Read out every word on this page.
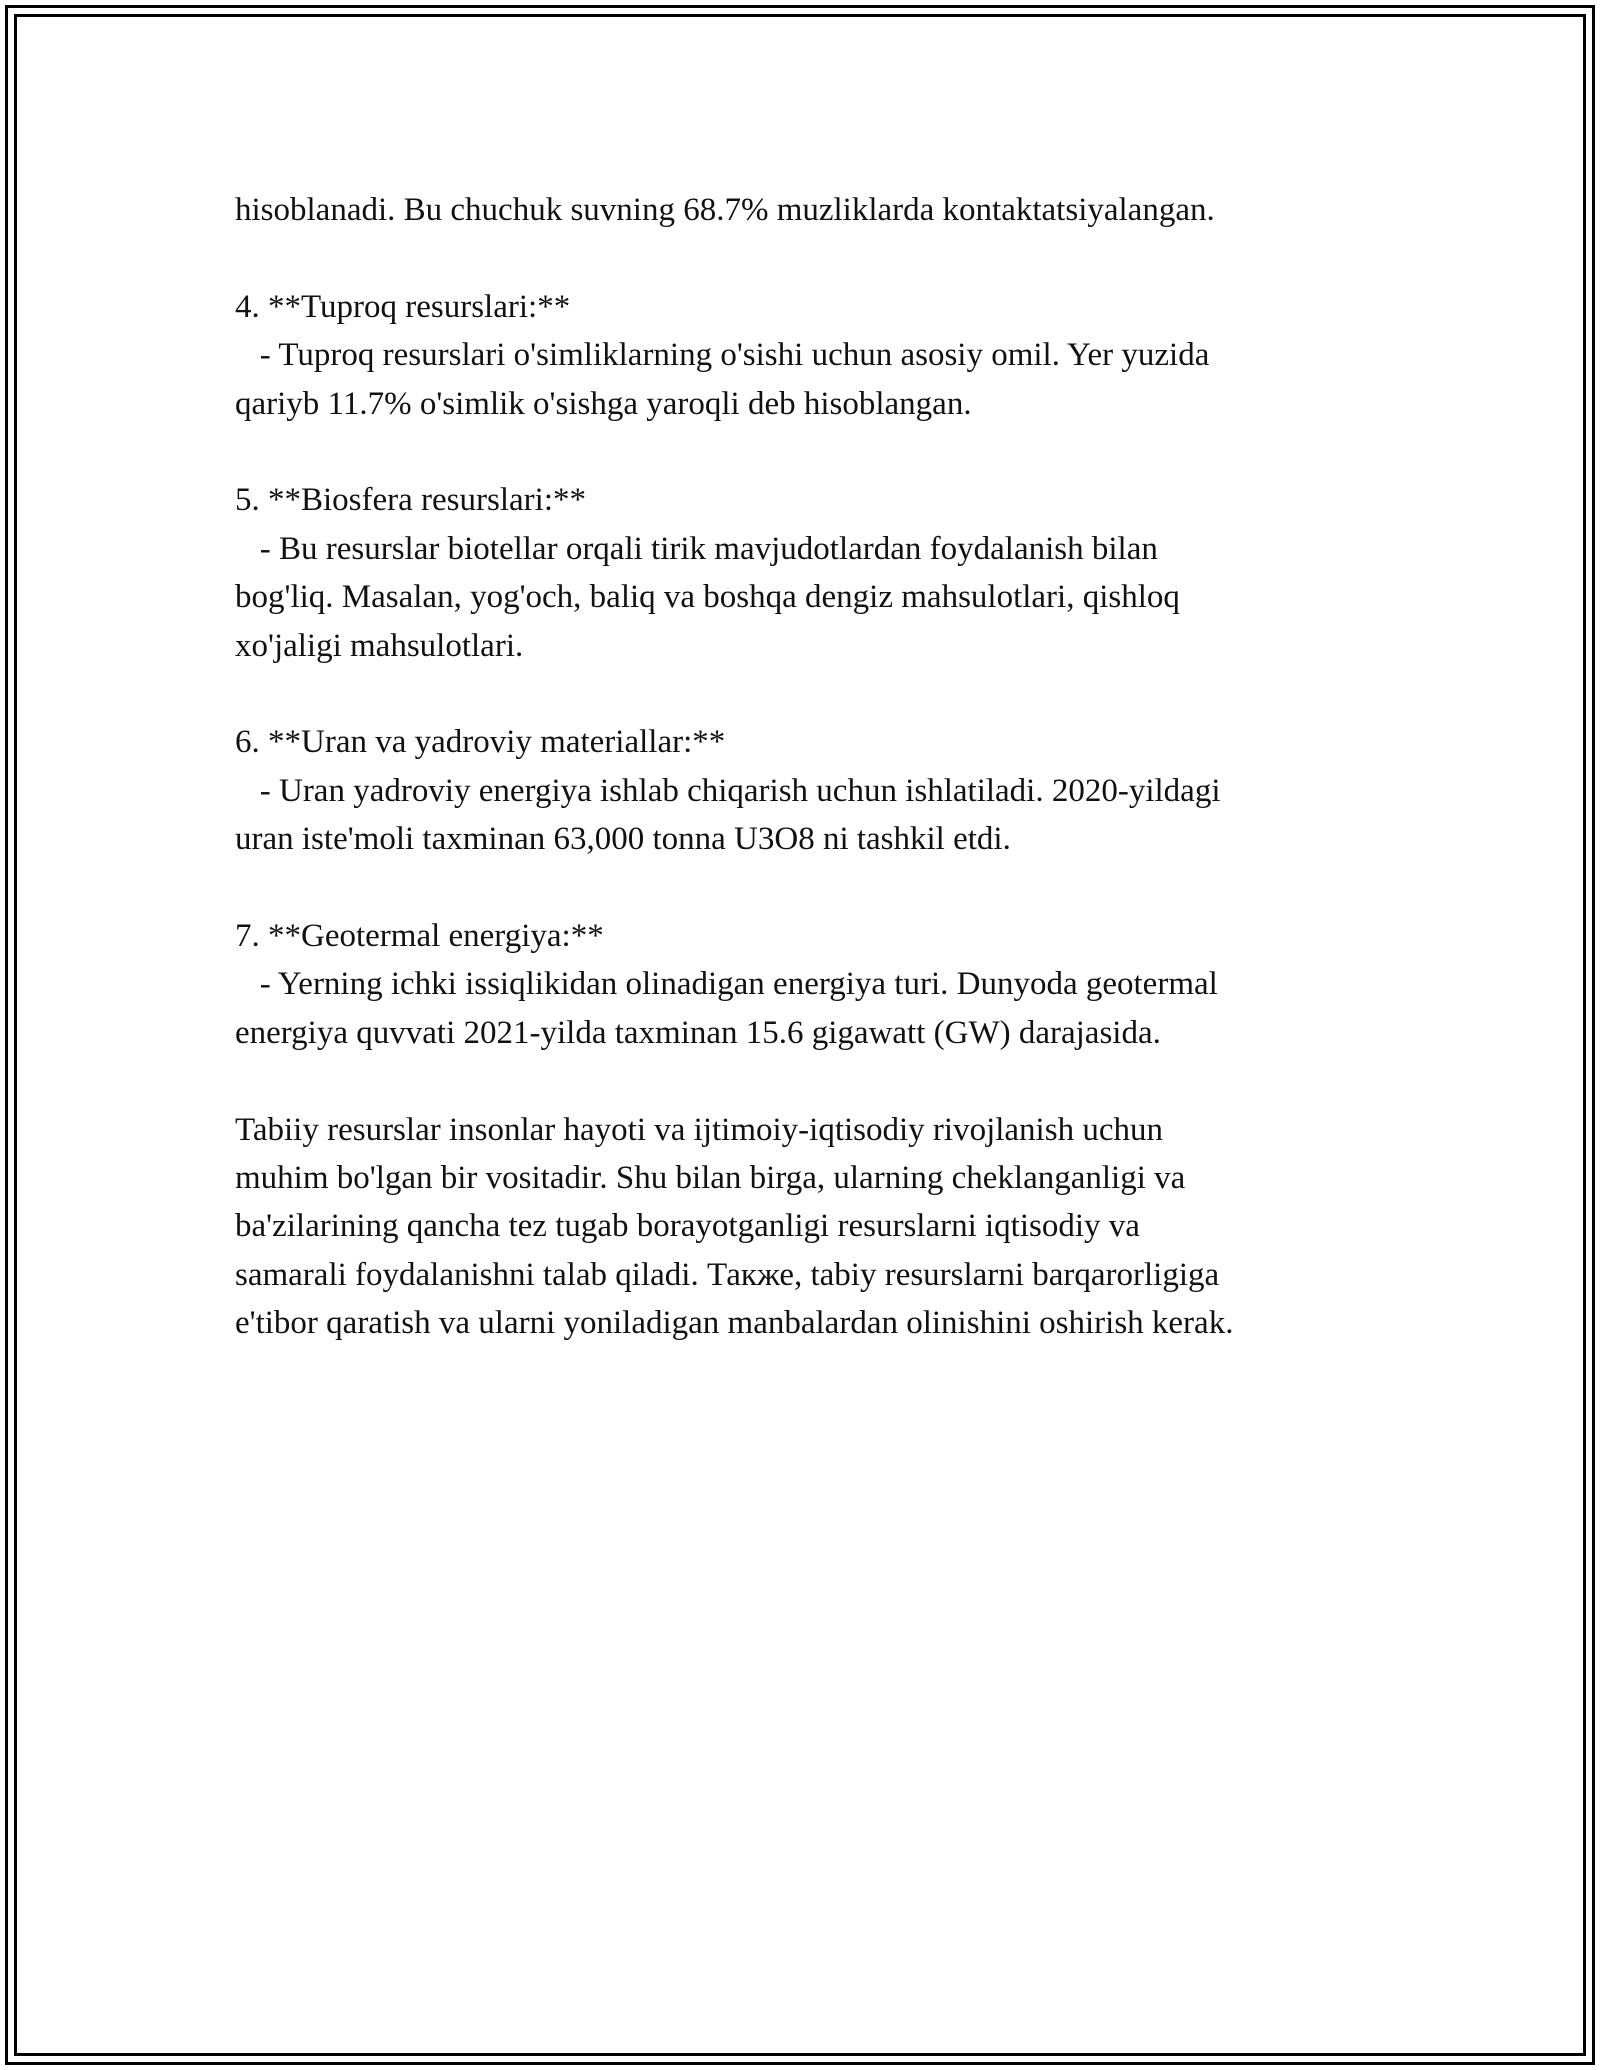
hisoblanadi. Bu chuchuk suvning 68.7% muzliklarda kontaktatsiyalangan.
4. **Tuproq resurslari:**
- Tuproq resurslari o'simliklarning o'sishi uchun asosiy omil. Yer yuzida
qariyb 11.7% o'simlik o'sishga yaroqli deb hisoblangan.
5. **Biosfera resurslari:**
- Bu resurslar biotellar orqali tirik mavjudotlardan foydalanish bilan
bog'liq. Masalan, yog'och, baliq va boshqa dengiz mahsulotlari, qishloq
xo'jaligi mahsulotlari.
6. **Uran va yadroviy materiallar:**
- Uran yadroviy energiya ishlab chiqarish uchun ishlatiladi. 2020-yildagi
uran iste'moli taxminan 63,000 tonna U3O8 ni tashkil etdi.
7. **Geotermal energiya:**
- Yerning ichki issiqlikidan olinadigan energiya turi. Dunyoda geotermal
energiya quvvati 2021-yilda taxminan 15.6 gigawatt (GW) darajasida.
Tabiiy resurslar insonlar hayoti va ijtimoiy-iqtisodiy rivojlanish uchun
muhim bo'lgan bir vositadir. Shu bilan birga, ularning cheklanganligi va
ba'zilarining qancha tez tugab borayotganligi resurslarni iqtisodiy va
samarali foydalanishni talab qiladi. Также, tabiy resurslarni barqarorligiga
e'tibor qaratish va ularni yoniladigan manbalardan olinishini oshirish kerak.
